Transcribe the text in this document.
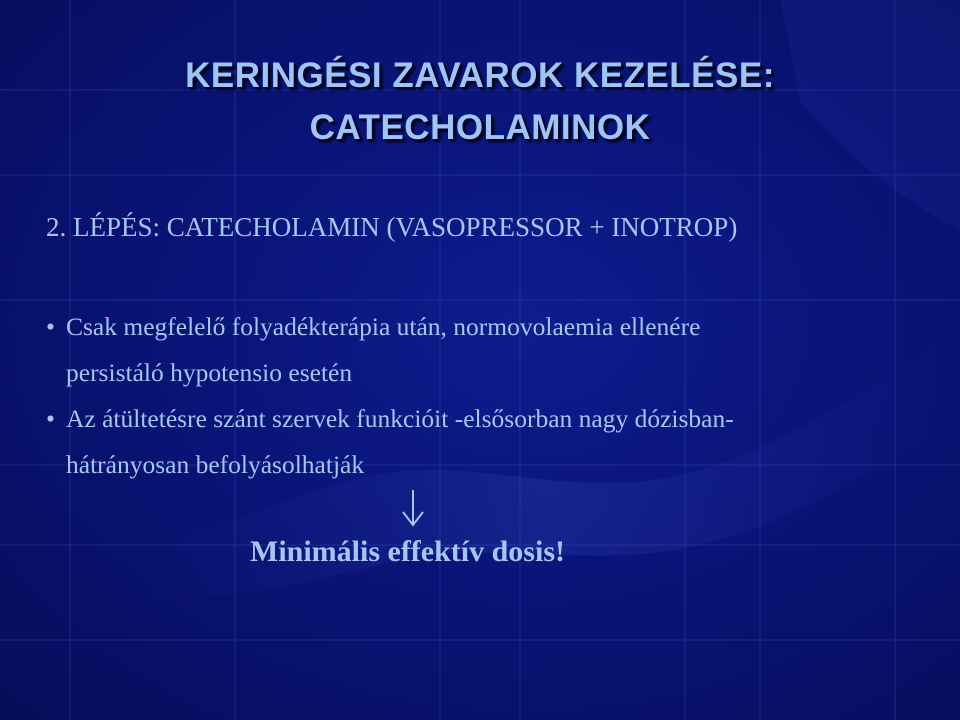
KERINGÉSI ZAVAROK KEZELÉSE:
CATECHOLAMINOK
2. LÉPÉS: CATECHOLAMIN (VASOPRESSOR + INOTROP)
• Csak megfelelő folyadékterápia után, normovolaemia ellenére
persistáló hypotensio esetén
• Az átültetésre szánt szervek funkcióit -elsősorban nagy dózisban-
hátrányosan befolyásolhatják
Minimális effektív dosis!
